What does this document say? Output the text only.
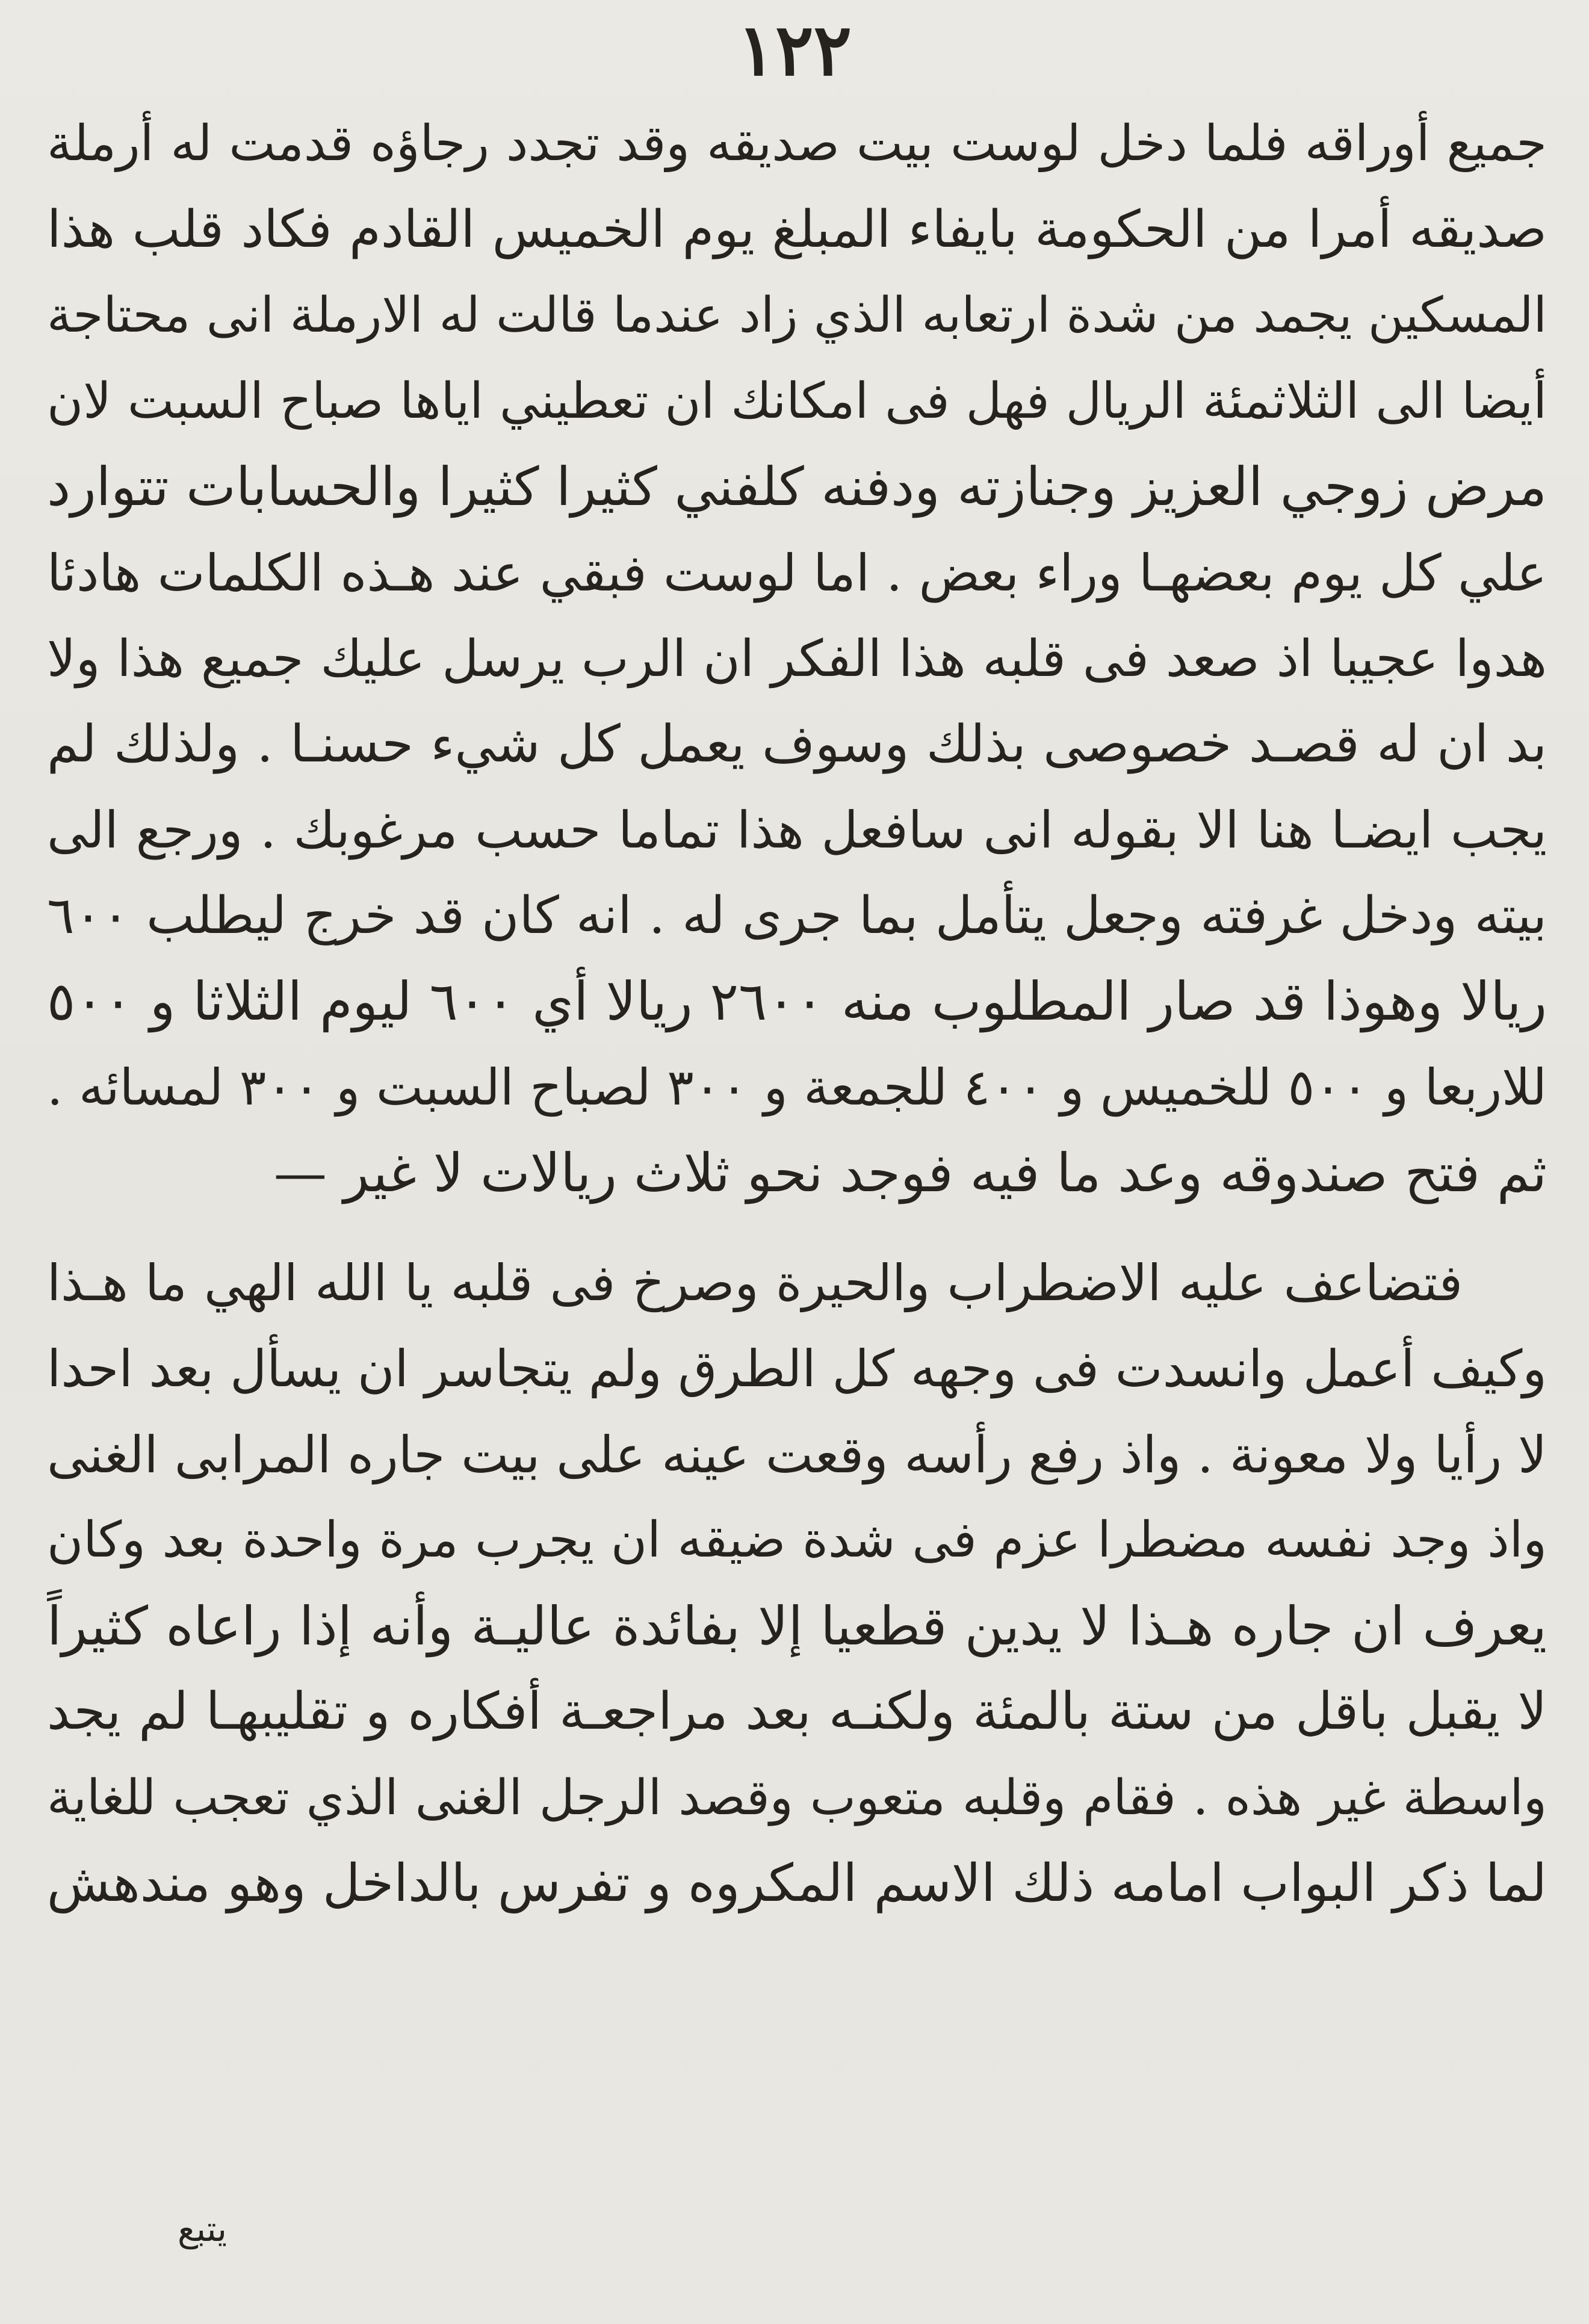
١٢٢
جميع أوراقه فلما دخل لوست بيت صديقه وقد تجدد رجاؤه قدمت له أرملة
صديقه أمرا من الحكومة بايفاء المبلغ يوم الخميس القادم فكاد قلب هذا
المسكين يجمد من شدة ارتعابه الذي زاد عندما قالت له الارملة انى محتاجة
أيضا الى الثلاثمئة الريال فهل فى امكانك ان تعطيني اياها صباح السبت لان
مرض زوجي العزيز وجنازته ودفنه كلفني كثيرا كثيرا والحسابات تتوارد
علي كل يوم بعضهـا وراء بعض . اما لوست فبقي عند هـذه الكلمات هادئا
هدوا عجيبا اذ صعد فى قلبه هذا الفكر ان الرب يرسل عليك جميع هذا ولا
بد ان له قصـد خصوصى بذلك وسوف يعمل كل شيء حسنـا . ولذلك لم
يجب ايضـا هنا الا بقوله انى سافعل هذا تماما حسب مرغوبك . ورجع الى
بيته ودخل غرفته وجعل يتأمل بما جرى له . انه كان قد خرج ليطلب ٦٠٠
ريالا وهوذا قد صار المطلوب منه ٢٦٠٠ ريالا أي ٦٠٠ ليوم الثلاثا و ٥٠٠
للاربعا و ٥٠٠ للخميس و ٤٠٠ للجمعة و ٣٠٠ لصباح السبت و ٣٠٠ لمسائه .
ثم فتح صندوقه وعد ما فيه فوجد نحو ثلاث ريالات لا غير —
فتضاعف عليه الاضطراب والحيرة وصرخ فى قلبه يا الله الهي ما هـذا
وكيف أعمل وانسدت فى وجهه كل الطرق ولم يتجاسر ان يسأل بعد احدا
لا رأيا ولا معونة . واذ رفع رأسه وقعت عينه على بيت جاره المرابى الغنى
واذ وجد نفسه مضطرا عزم فى شدة ضيقه ان يجرب مرة واحدة بعد وكان
يعرف ان جاره هـذا لا يدين قطعيا إلا بفائدة عاليـة وأنه إذا راعاه كثيراً
لا يقبل باقل من ستة بالمئة ولكنـه بعد مراجعـة أفكاره و تقليبهـا لم يجد
واسطة غير هذه . فقام وقلبه متعوب وقصد الرجل الغنى الذي تعجب للغاية
لما ذكر البواب امامه ذلك الاسم المكروه و تفرس بالداخل وهو مندهش
يتبع
